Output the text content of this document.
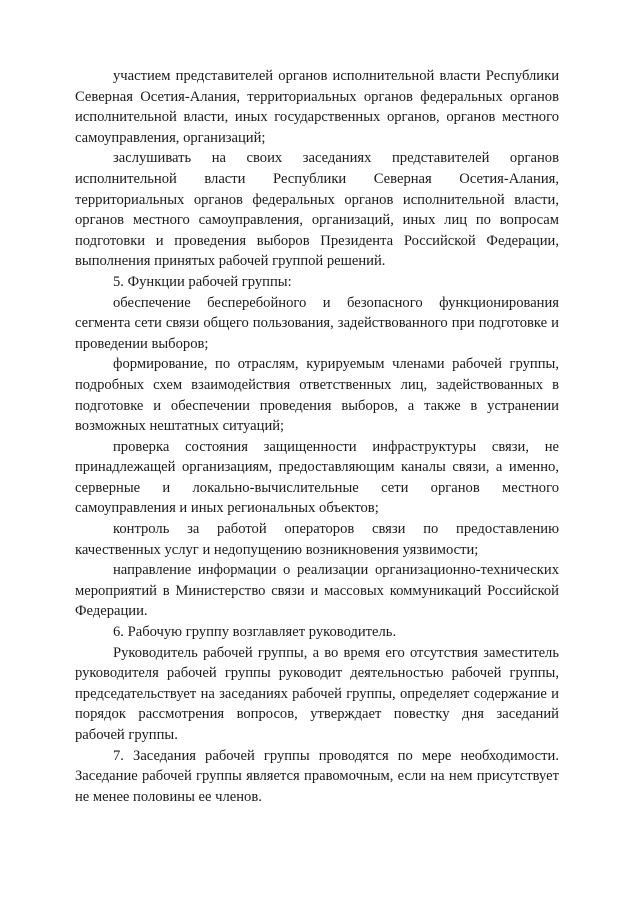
участием представителей органов исполнительной власти Республики Северная Осетия-Алания, территориальных органов федеральных органов исполнительной власти, иных государственных органов, органов местного самоуправления, организаций;

заслушивать на своих заседаниях представителей органов исполнительной власти Республики Северная Осетия-Алания, территориальных органов федеральных органов исполнительной власти, органов местного самоуправления, организаций, иных лиц по вопросам подготовки и проведения выборов Президента Российской Федерации, выполнения принятых рабочей группой решений.

5. Функции рабочей группы:

обеспечение бесперебойного и безопасного функционирования сегмента сети связи общего пользования, задействованного при подготовке и проведении выборов;

формирование, по отраслям, курируемым членами рабочей группы, подробных схем взаимодействия ответственных лиц, задействованных в подготовке и обеспечении проведения выборов, а также в устранении возможных нештатных ситуаций;

проверка состояния защищенности инфраструктуры связи, не принадлежащей организациям, предоставляющим каналы связи, а именно, серверные и локально-вычислительные сети органов местного самоуправления и иных региональных объектов;

контроль за работой операторов связи по предоставлению качественных услуг и недопущению возникновения уязвимости;

направление информации о реализации организационно-технических мероприятий в Министерство связи и массовых коммуникаций Российской Федерации.

6. Рабочую группу возглавляет руководитель.

Руководитель рабочей группы, а во время его отсутствия заместитель руководителя рабочей группы руководит деятельностью рабочей группы, председательствует на заседаниях рабочей группы, определяет содержание и порядок рассмотрения вопросов, утверждает повестку дня заседаний рабочей группы.

7. Заседания рабочей группы проводятся по мере необходимости. Заседание рабочей группы является правомочным, если на нем присутствует не менее половины ее членов.
